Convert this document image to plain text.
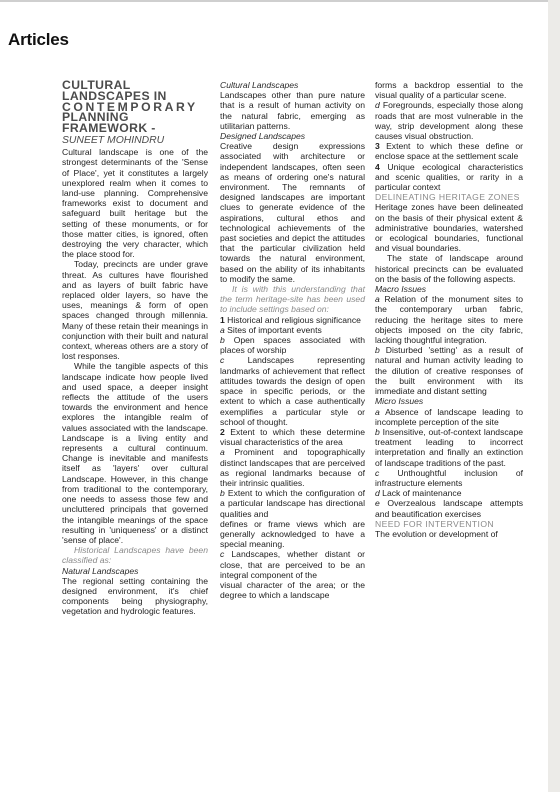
Articles
CULTURAL
LANDSCAPES IN
CONTEMPORARY
PLANNING
FRAMEWORK -
SUNEET MOHINDRU

Cultural landscape is one of the strongest determinants of the 'Sense of Place', yet it constitutes a largely unexplored realm when it comes to land-use planning. Comprehensive frameworks exist to document and safeguard built heritage but the setting of these monuments, or for those matter cities, is ignored, often destroying the very character, which the place stood for.

Today, precincts are under grave threat. As cultures have flourished and as layers of built fabric have replaced older layers, so have the uses, meanings & form of open spaces changed through millennia. Many of these retain their meanings in conjunction with their built and natural context, whereas others are a story of lost responses.

While the tangible aspects of this landscape indicate how people lived and used space, a deeper insight reflects the attitude of the users towards the environment and hence explores the intangible realm of values associated with the landscape. Landscape is a living entity and represents a cultural continuum. Change is inevitable and manifests itself as 'layers' over cultural Landscape. However, in this change from traditional to the contemporary, one needs to assess those few and uncluttered principals that governed the intangible meanings of the space resulting in 'uniqueness' or a distinct 'sense of place'.

Historical Landscapes have been classified as:

Natural Landscapes

The regional setting containing the designed environment, it's chief components being physiography, vegetation and hydrologic features.

Cultural Landscapes

Landscapes other than pure nature that is a result of human activity on the natural fabric, emerging as utilitarian patterns.

Designed Landscapes

Creative design expressions associated with architecture or independent landscapes, often seen as means of ordering one's natural environment. The remnants of designed landscapes are important clues to generate evidence of the aspirations, cultural ethos and technological achievements of the past societies and depict the attitudes that the particular civilization held towards the natural environment, based on the ability of its inhabitants to modify the same.

It is with this understanding that the term heritage-site has been used to include settings based on:

1 Historical and religious significance

a Sites of important events

b Open spaces associated with places of worship

c	Landscapes representing landmarks of achievement that reflect attitudes towards the design of open space in specific periods, or the extent to which a case authentically exemplifies a particular style or school of thought.

2 Extent to which these determine visual characteristics of the area

a Prominent and topographically distinct landscapes that are perceived as regional landmarks because of their intrinsic qualities.

b Extent to which the configuration of a particular landscape has directional qualities and

defines or frame views which are generally acknowledged to have a special meaning.

c Landscapes, whether distant or close, that are perceived to be an integral component of the

visual character of the area; or the degree to which a landscape

forms a backdrop essential to the visual quality of a particular scene.

d Foregrounds, especially those along roads that are most vulnerable in the way, strip development along these causes visual obstruction.

3 Extent to which these define or enclose space at the settlement scale

4 Unique ecological characteristics and scenic qualities, or rarity in a particular context

DELINEATING HERITAGE ZONES

Heritage zones have been delineated on the basis of their physical extent & administrative boundaries, watershed or ecological boundaries, functional and visual boundaries.

The state of landscape around historical precincts can be evaluated on the basis of the following aspects.

Macro Issues

a Relation of the monument sites to the contemporary urban fabric, reducing the heritage sites to mere objects imposed on the city fabric, lacking thoughtful integration.

b Disturbed 'setting' as a result of natural and human activity leading to the dilution of creative responses of the built environment with its immediate and distant setting

Micro Issues

a Absence of landscape leading to incomplete perception of the site

b Insensitive, out-of-context landscape treatment leading to incorrect interpretation and finally an extinction of landscape traditions of the past.

c Unthoughtful inclusion of infrastructure elements

d Lack of maintenance

e Overzealous landscape attempts and beautification exercises

NEED FOR INTERVENTION

The evolution or development of
